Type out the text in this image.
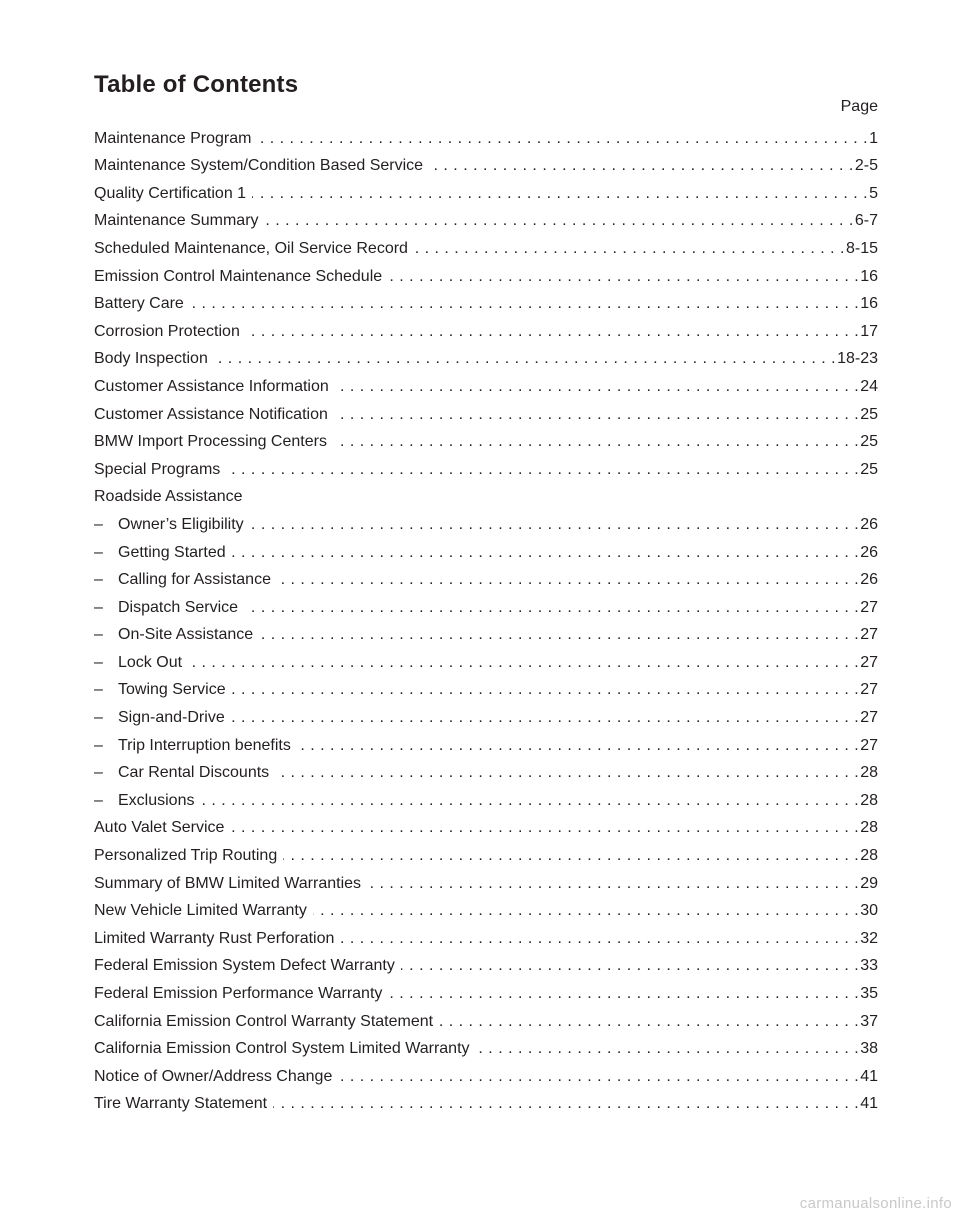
Table of Contents
Page
Maintenance Program . . .	1
Maintenance System/Condition Based Service . . .	2-5
Quality Certification 1 . . .	5
Maintenance Summary . . .	6-7
Scheduled Maintenance, Oil Service Record . . .	8-15
Emission Control Maintenance Schedule . . .	16
Battery Care . . .	16
Corrosion Protection . . .	17
Body Inspection . . .	18-23
Customer Assistance Information . . .	24
Customer Assistance Notification . . .	25
BMW Import Processing Centers . . .	25
Special Programs . . .	25
Roadside Assistance
– Owner’s Eligibility . . .	26
– Getting Started . . .	26
– Calling for Assistance . . .	26
– Dispatch Service . . .	27
– On-Site Assistance . . .	27
– Lock Out . . .	27
– Towing Service . . .	27
– Sign-and-Drive . . .	27
– Trip Interruption benefits . . .	27
– Car Rental Discounts . . .	28
– Exclusions . . .	28
Auto Valet Service . . .	28
Personalized Trip Routing . . .	28
Summary of BMW Limited Warranties . . .	29
New Vehicle Limited Warranty . . .	30
Limited Warranty Rust Perforation . . .	32
Federal Emission System Defect Warranty . . .	33
Federal Emission Performance Warranty . . .	35
California Emission Control Warranty Statement . . .	37
California Emission Control System Limited Warranty . . .	38
Notice of Owner/Address Change . . .	41
Tire Warranty Statement . . .	41
carmanualsonline.info
